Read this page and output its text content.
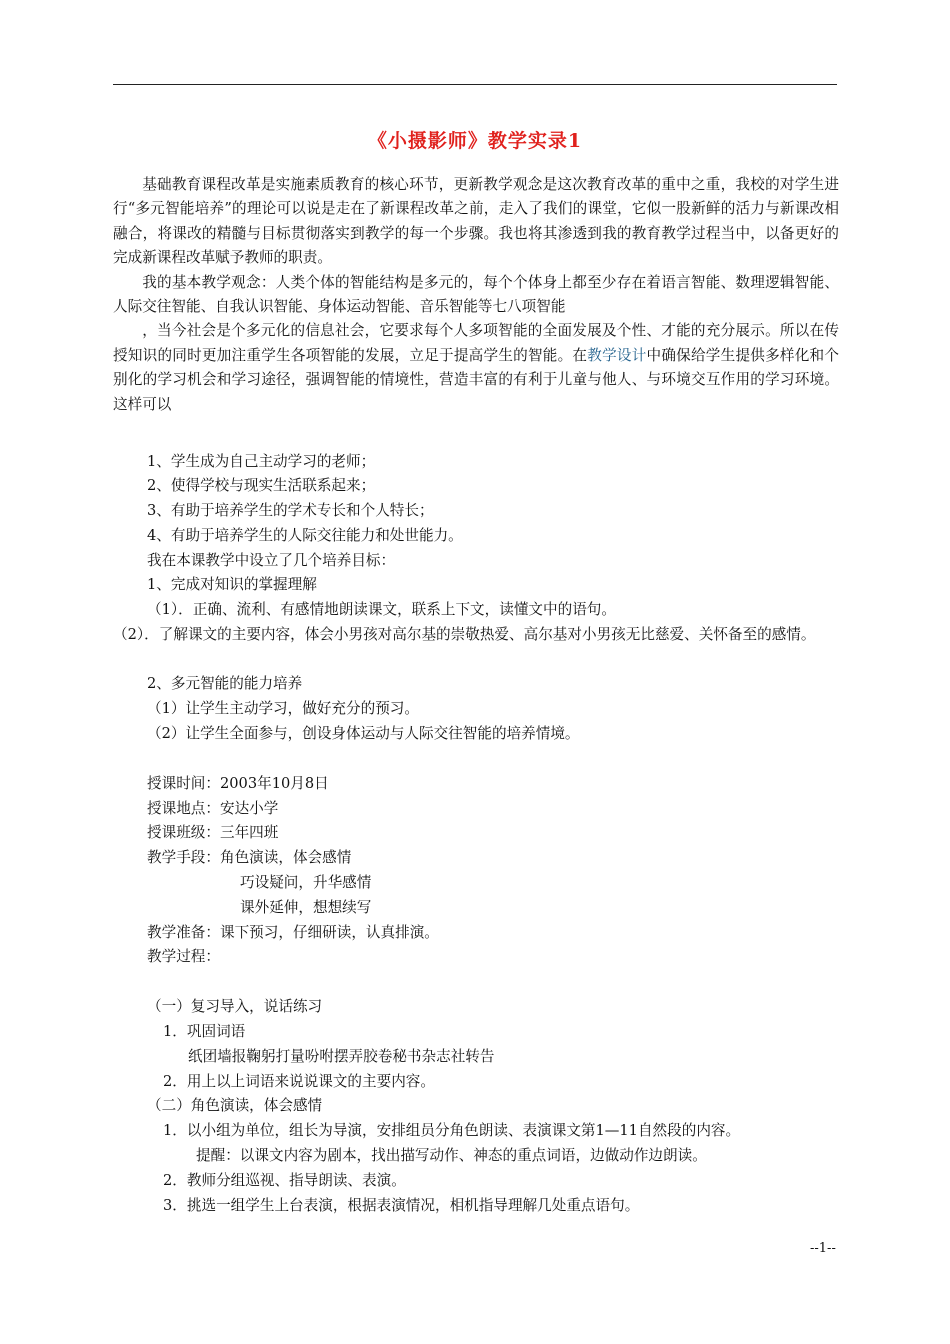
《小摄影师》教学实录1

基础教育课程改革是实施素质教育的核心环节，更新教学观念是这次教育改革的重中之重，我校的对学生进行“多元智能培养”的理论可以说是走在了新课程改革之前，走入了我们的课堂，它似一股新鲜的活力与新课改相融合，将课改的精髓与目标贯彻落实到教学的每一个步骤。我也将其渗透到我的教育教学过程当中，以备更好的完成新课程改革赋予教师的职责。

我的基本教学观念：人类个体的智能结构是多元的，每个个体身上都至少存在着语言智能、数理逻辑智能、人际交往智能、自我认识智能、身体运动智能、音乐智能等七八项智能

，当今社会是个多元化的信息社会，它要求每个人多项智能的全面发展及个性、才能的充分展示。所以在传授知识的同时更加注重学生各项智能的发展，立足于提高学生的智能。在教学设计中确保给学生提供多样化和个别化的学习机会和学习途径，强调智能的情境性，营造丰富的有利于儿童与他人、与环境交互作用的学习环境。这样可以

1、学生成为自己主动学习的老师；
2、使得学校与现实生活联系起来；
3、有助于培养学生的学术专长和个人特长；
4、有助于培养学生的人际交往能力和处世能力。
我在本课教学中设立了几个培养目标：
1、完成对知识的掌握理解
（1）．正确、流利、有感情地朗读课文，联系上下文，读懂文中的语句。

（2）．了解课文的主要内容，体会小男孩对高尔基的崇敬热爱、高尔基对小男孩无比慈爱、关怀备至的感情。

2、多元智能的能力培养
（1）让学生主动学习，做好充分的预习。
（2）让学生全面参与，创设身体运动与人际交往智能的培养情境。
授课时间：2003年10月8日
授课地点：安达小学
授课班级：三年四班
教学手段：角色演读，体会感情
巧设疑问，升华感情
课外延伸，想想续写
教学准备：课下预习，仔细研读，认真排演。
教学过程：
（一）复习导入，说话练习
1．巩固词语
纸团墙报鞠躬打量吩咐摆弄胶卷秘书杂志社转告
2．用上以上词语来说说课文的主要内容。
（二）角色演读，体会感情
1．以小组为单位，组长为导演，安排组员分角色朗读、表演课文第1—11自然段的内容。
提醒：以课文内容为剧本，找出描写动作、神态的重点词语，边做动作边朗读。
2．教师分组巡视、指导朗读、表演。
3．挑选一组学生上台表演，根据表演情况，相机指导理解几处重点语句。
--1--
